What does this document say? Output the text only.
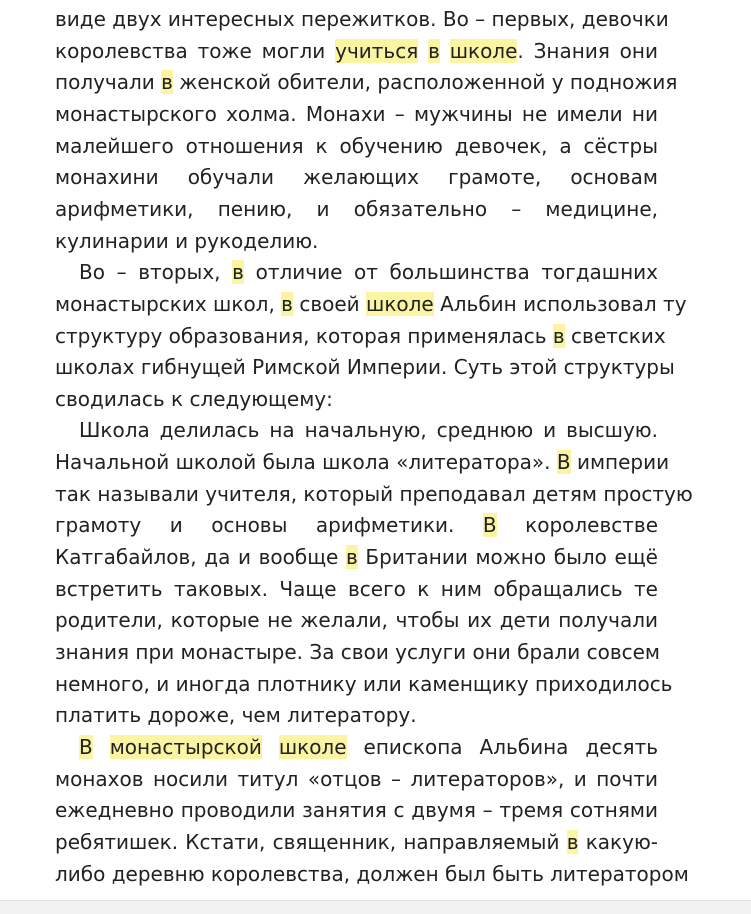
виде двух интересных пережитков. Во – первых, девочки
королевства тоже могли учиться в школе. Знания они
получали в женской обители, расположенной у подножия
монастырского холма. Монахи – мужчины не имели ни
малейшего отношения к обучению девочек, а сёстры
монахини обучали желающих грамоте, основам
арифметики, пению, и обязательно – медицине,
кулинарии и рукоделию.
Во – вторых, в отличие от большинства тогдашних
монастырских школ, в своей школе Альбин использовал ту
структуру образования, которая применялась в светских
школах гибнущей Римской Империи. Суть этой структуры
сводилась к следующему:
Школа делилась на начальную, среднюю и высшую.
Начальной школой была школа «литератора». В империи
так называли учителя, который преподавал детям простую
грамоту и основы арифметики. В королевстве
Катгабайлов, да и вообще в Британии можно было ещё
встретить таковых. Чаще всего к ним обращались те
родители, которые не желали, чтобы их дети получали
знания при монастыре. За свои услуги они брали совсем
немного, и иногда плотнику или каменщику приходилось
платить дороже, чем литератору.
В монастырской школе епископа Альбина десять
монахов носили титул «отцов – литераторов», и почти
ежедневно проводили занятия с двумя – тремя сотнями
ребятишек. Кстати, священник, направляемый в какую-
либо деревню королевства, должен был быть литератором
